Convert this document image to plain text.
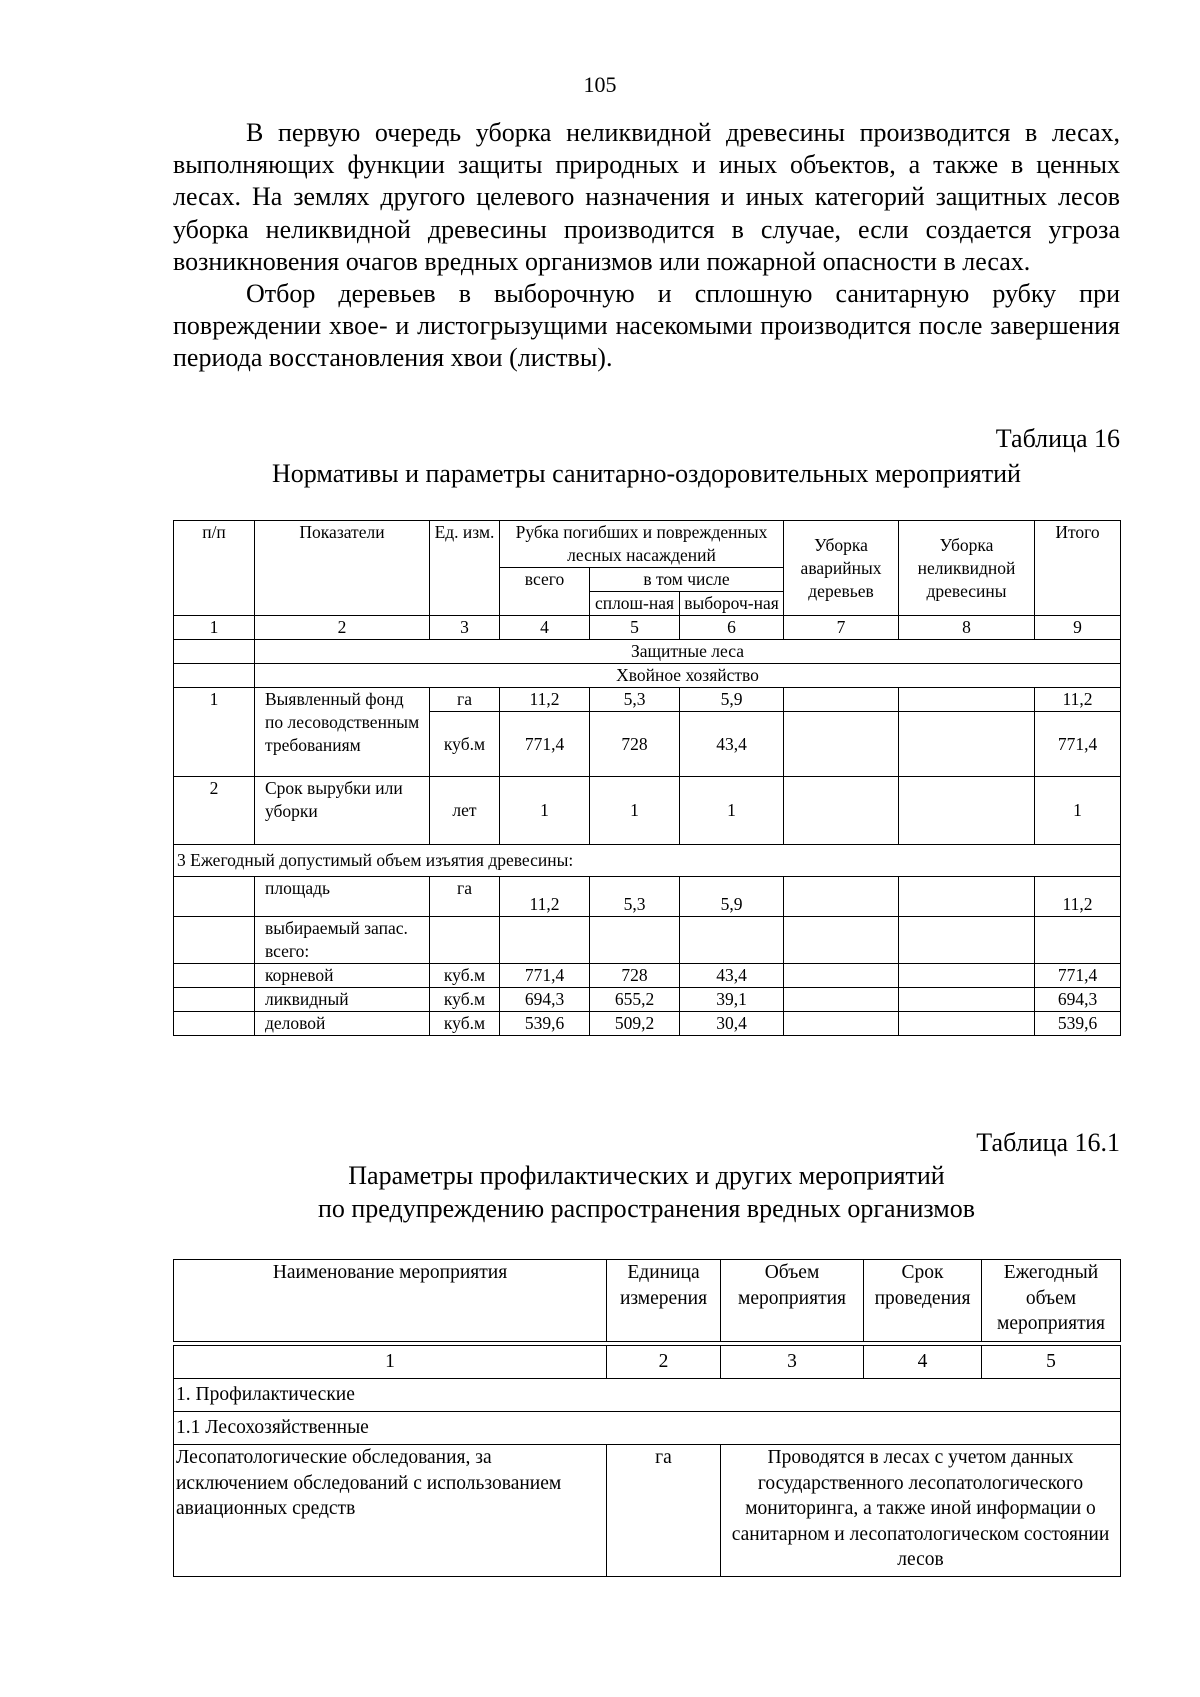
105

В первую очередь уборка неликвидной древесины производится в лесах, выполняющих функции защиты природных и иных объектов, а также в ценных лесах. На землях другого целевого назначения и иных категорий защитных лесов уборка неликвидной древесины производится в случае, если создается угроза возникновения очагов вредных организмов или пожарной опасности в лесах.

Отбор деревьев в выборочную и сплошную санитарную рубку при повреждении хвое- и листогрызущими насекомыми производится после завершения периода восстановления хвои (листвы).

Таблица 16
Нормативы и параметры санитарно-оздоровительных мероприятий
п/п	Показатели	Ед. изм.	Рубка погибших и поврежденных лесных насаждений			Уборка аварийных деревьев	Уборка неликвидной древесины	Итого
			всего	в том числе				
				сплош-ная	выбороч-ная			

1	2	3	4	5	6	7	8	9
	Защитные леса							
	Хвойное хозяйство							
1	Выявленный фонд по лесоводственным требованиям	га	11,2	5,3	5,9			11,2
		куб.м	771,4	728	43,4			771,4
2	Срок вырубки или уборки	лет	1	1	1			1
3 Ежегодный допустимый объем изъятия древесины:								
	площадь	га	11,2	5,3	5,9			11,2
	выбираемый запас. всего:							
	корневой	куб.м	771,4	728	43,4			771,4
	ликвидный	куб.м	694,3	655,2	39,1			694,3
	деловой	куб.м	539,6	509,2	30,4			539,6
Таблица 16.1
Параметры профилактических и других мероприятий
по предупреждению распространения вредных организмов
Наименование мероприятия	Единица измерения	Объем мероприятия	Срок проведения	Ежегодный объем мероприятия

1	2	3	4	5
1. Профилактические				
1.1 Лесохозяйственные				
Лесопатологические обследования, за исключением обследований с использованием авиационных средств	га	Проводятся в лесах с учетом данных государственного лесопатологического мониторинга, а также иной информации о санитарном и лесопатологическом состоянии лесов		
